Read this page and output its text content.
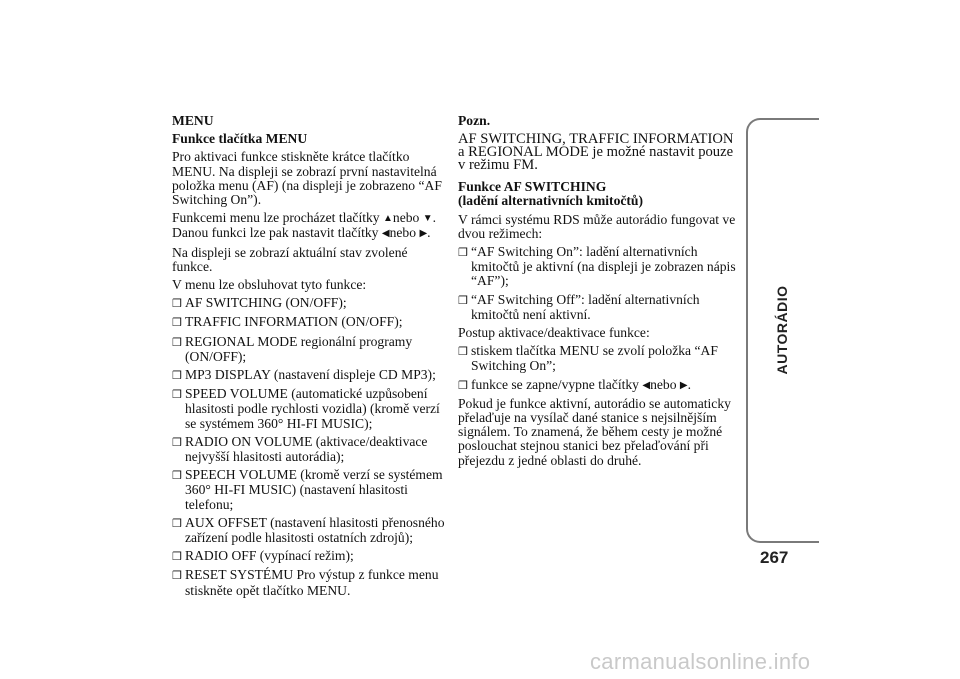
MENU

Funkce tlačítka MENU

Pro aktivaci funkce stiskněte krátce tlačítko MENU. Na displeji se zobrazí první nastavitelná položka menu (AF) (na displeji je zobrazeno “AF Switching On”).

Funkcemi menu lze procházet tlačítky ▲nebo ▼. Danou funkci lze pak nastavit tlačítky ◀nebo ▶.

Na displeji se zobrazí aktuální stav zvolené funkce.

V menu lze obsluhovat tyto funkce:

❒ AF SWITCHING (ON/OFF);

❒ TRAFFIC INFORMATION (ON/OFF);

❒ REGIONAL MODE regionální programy (ON/OFF);

❒ MP3 DISPLAY (nastavení displeje CD MP3);

❒ SPEED VOLUME (automatické uzpůsobení hlasitosti podle rychlosti vozidla) (kromě verzí se systémem 360° HI-FI MUSIC);

❒ RADIO ON VOLUME (aktivace/deaktivace nejvyšší hlasitosti autorádia);

❒ SPEECH VOLUME (kromě verzí se systémem 360° HI-FI MUSIC) (nastavení hlasitosti telefonu;

❒ AUX OFFSET (nastavení hlasitosti přenosného zařízení podle hlasitosti ostatních zdrojů);

❒ RADIO OFF (vypínací režim);

❒ RESET SYSTÉMU Pro výstup z funkce menu stiskněte opět tlačítko MENU.

Pozn.

AF SWITCHING, TRAFFIC INFORMATION a REGIONAL MODE je možné nastavit pouze v režimu FM.

Funkce AF SWITCHING

(ladění alternativních kmitočtů)

V rámci systému RDS může autorádio fungovat ve dvou režimech:

❒ “AF Switching On”: ladění alternativních kmitočtů je aktivní (na displeji je zobrazen nápis “AF”);

❒ “AF Switching Off”: ladění alternativních kmitočtů není aktivní.

Postup aktivace/deaktivace funkce:

❒ stiskem tlačítka MENU se zvolí položka “AF Switching On”;

❒ funkce se zapne/vypne tlačítky ◀nebo ▶.

Pokud je funkce aktivní, autorádio se automaticky přelaďuje na vysílač dané stanice s nejsilnějším signálem. To znamená, že během cesty je možné poslouchat stejnou stanici bez přelaďování při přejezdu z jedné oblasti do druhé.

AUTORÁDIO
267
carmanualsonline.info
